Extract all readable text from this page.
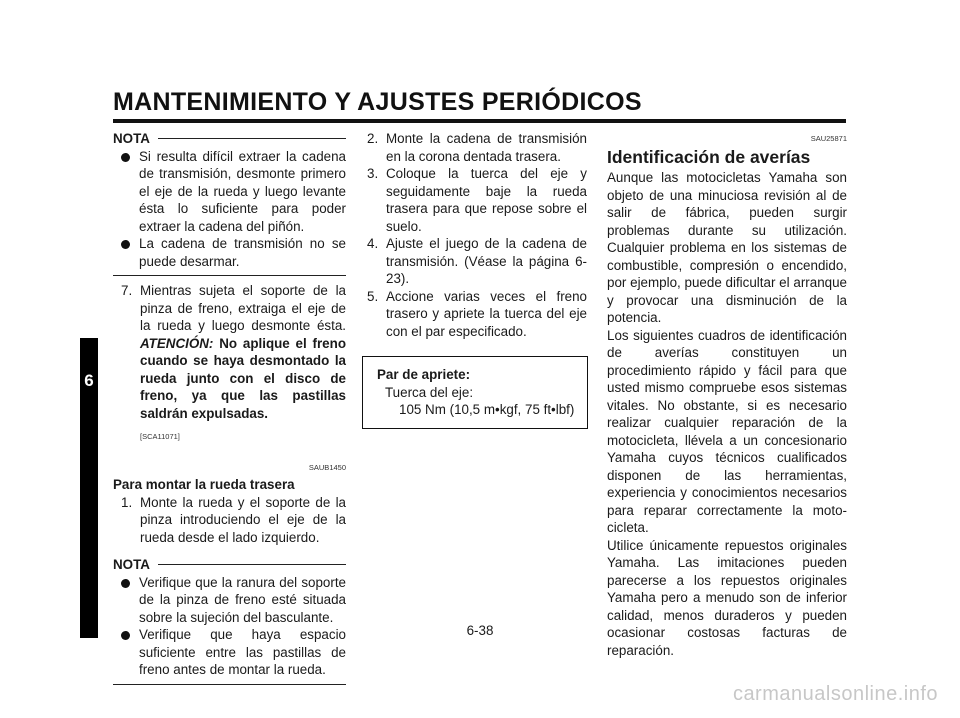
MANTENIMIENTO Y AJUSTES PERIÓDICOS
6
NOTA
Si resulta difícil extraer la cadena de transmisión, desmonte primero el eje de la rueda y luego levante ésta lo suficiente para poder extraer la cadena del piñón.
La cadena de transmisión no se puede desarmar.
7. Mientras sujeta el soporte de la pinza de freno, extraiga el eje de la rueda y luego desmonte ésta. ATENCIÓN: No aplique el freno cuando se haya desmontado la rueda junto con el disco de freno, ya que las pastillas saldrán expulsadas.
[SCA11071]
SAUB1450
Para montar la rueda trasera
1. Monte la rueda y el soporte de la pinza introduciendo el eje de la rueda desde el lado izquierdo.
NOTA
Verifique que la ranura del soporte de la pinza de freno esté situada sobre la sujeción del basculante.
Verifique que haya espacio suficiente entre las pastillas de freno antes de montar la rueda.
2. Monte la cadena de transmisión en la corona dentada trasera.
3. Coloque la tuerca del eje y seguidamente baje la rueda trasera para que repose sobre el suelo.
4. Ajuste el juego de la cadena de transmisión. (Véase la página 6-23).
5. Accione varias veces el freno trasero y apriete la tuerca del eje con el par especificado.
Par de apriete:
Tuerca del eje:
105 Nm (10,5 m•kgf, 75 ft•lbf)
SAU25871
Identificación de averías
Aunque las motocicletas Yamaha son objeto de una minuciosa revisión al de salir de fábrica, pueden surgir problemas durante su utilización. Cualquier problema en los sistemas de combustible, compresión o encendido, por ejemplo, puede dificultar el arranque y provocar una disminución de la potencia.
Los siguientes cuadros de identificación de averías constituyen un procedimiento rápido y fácil para que usted mismo compruebe esos sistemas vitales. No obstante, si es necesario realizar cualquier reparación de la motocicleta, llévela a un concesionario Yamaha cuyos técnicos cualificados disponen de las herramientas, experiencia y conocimientos necesarios para reparar correctamente la motocicleta.
Utilice únicamente repuestos originales Yamaha. Las imitaciones pueden parecerse a los repuestos originales Yamaha pero a menudo son de inferior calidad, menos duraderos y pueden ocasionar costosas facturas de reparación.
6-38
carmanualsonline.info
